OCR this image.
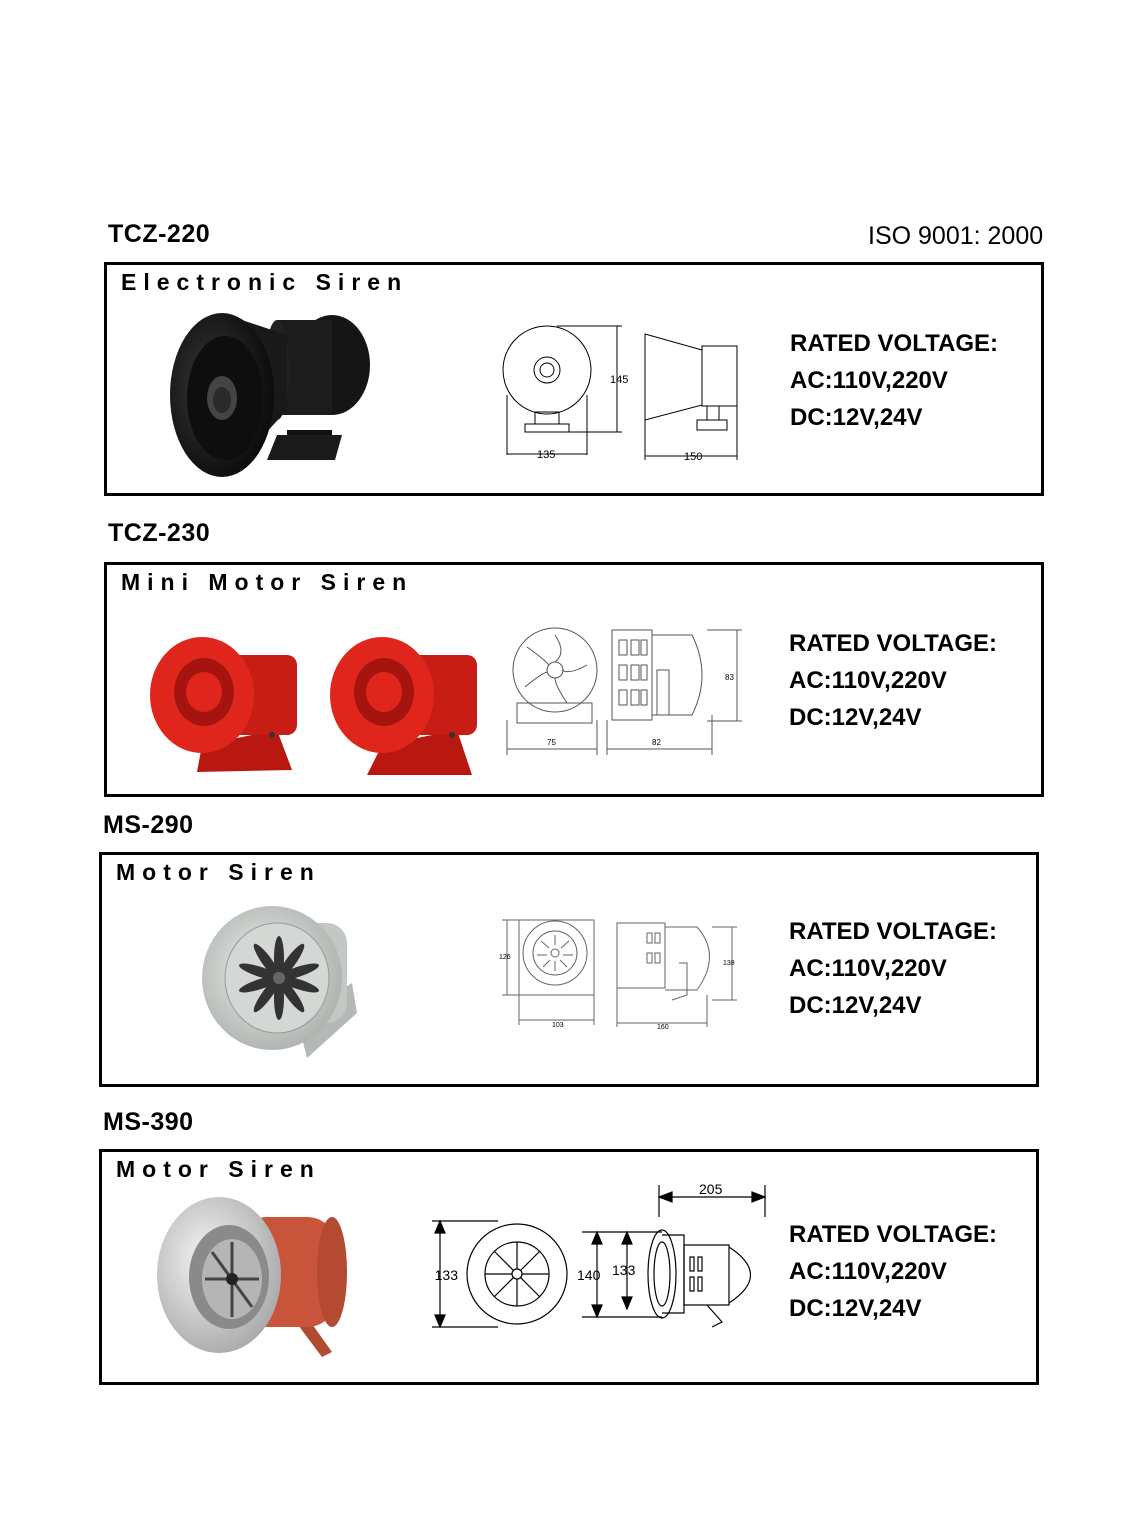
TCZ-220	ISO 9001: 2000
Electronic Siren
145
135	150
RATED VOLTAGE:
AC:110V,220V
DC:12V,24V
TCZ-230
Mini Motor Siren
75	82
83
RATED VOLTAGE:
AC:110V,220V
DC:12V,24V
MS-290
Motor Siren
126
103	160
138
RATED VOLTAGE:
AC:110V,220V
DC:12V,24V
MS-390
Motor Siren
133	140 133
205
RATED VOLTAGE:
AC:110V,220V
DC:12V,24V
